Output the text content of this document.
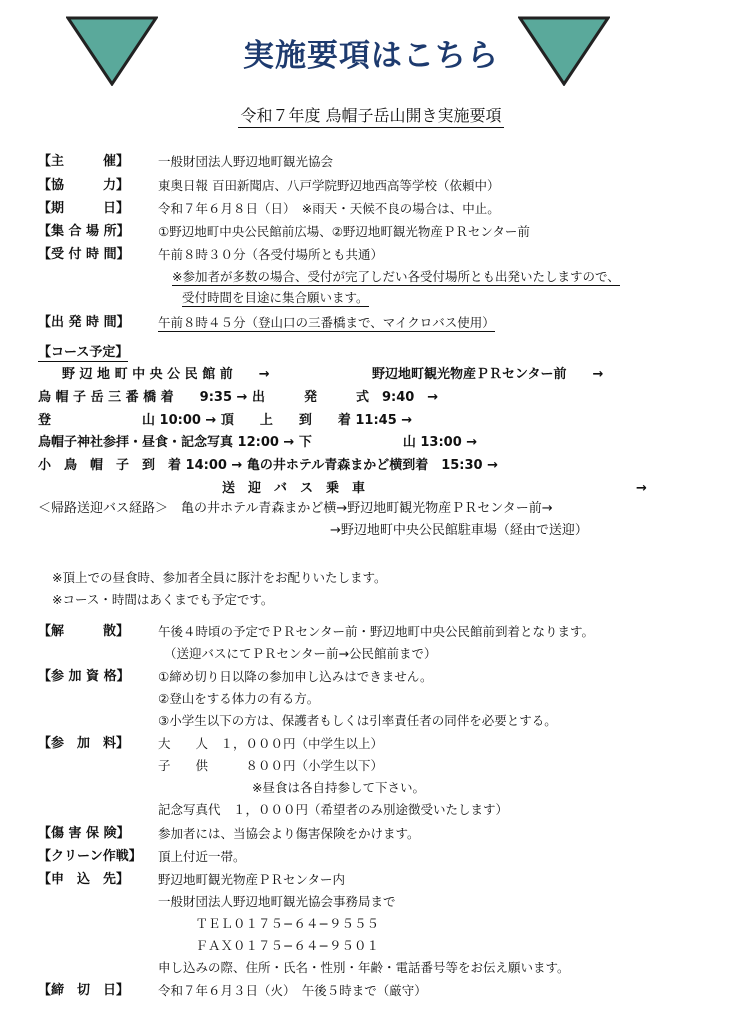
実施要項はこちら
令和７年度 烏帽子岳山開き実施要項
【主　　　催】 一般財団法人野辺地町観光協会
【協　　　力】 東奥日報 百田新聞店、八戸学院野辺地西高等学校（依頼中）
【期　　　日】 令和７年６月８日（日）　※雨天・天候不良の場合は、中止。
【集 合 場 所】 ①野辺地町中央公民館前広場、②野辺地町観光物産ＰＲセンター前
【受 付 時 間】 午前８時３０分（各受付場所とも共通）
※参加者が多数の場合、受付が完了しだい各受付場所とも出発いたしますので、
受付時間を目途に集合願います。
【出 発 時 間】 午前８時４５分（登山口の三番橋まで、マイクロバス使用）
【コース予定】
野 辺 地 町 中 央 公 民 館 前　　→	野辺地町観光物産ＰＲセンター前　　→
烏 帽 子 岳 三 番 橋 着　　9:35 → 出　　　発　　　式　9:40　→
登　　　　　　　山 10:00 → 頂　　上　　到　　着 11:45 →
烏帽子神社参拝・昼食・記念写真 12:00 → 下　　　　　　　山 13:00 →
小　鳥　帽　子　到　着 14:00 → 亀の井ホテル青森まかど横到着　15:30 →
送　迎　バ　ス　乗　車	→
＜帰路送迎バス経路＞　亀の井ホテル青森まかど横→野辺地町観光物産ＰＲセンター前→
→野辺地町中央公民館駐車場（経由で送迎）
※頂上での昼食時、参加者全員に豚汁をお配りいたします。
※コース・時間はあくまでも予定です。
【解　　　散】 午後４時頃の予定でＰＲセンター前・野辺地町中央公民館前到着となります。
（送迎バスにてＰＲセンター前→公民館前まで）
【参 加 資 格】 ①締め切り日以降の参加申し込みはできません。
②登山をする体力の有る方。
③小学生以下の方は、保護者もしくは引率責任者の同伴を必要とする。
【参　加　料】 大　　人　１，０００円（中学生以上）
子　　供　　　８００円（小学生以下）
※昼食は各自持参して下さい。
記念写真代　１，０００円（希望者のみ別途徴受いたします）
【傷 害 保 険】 参加者には、当協会より傷害保険をかけます。
【クリーン作戦】 頂上付近一帯。
【申　込　先】 野辺地町観光物産ＰＲセンター内
一般財団法人野辺地町観光協会事務局まで
　　　ＴＥＬ０１７５−６４−９５５５
　　　ＦＡＸ０１７５−６４−９５０１
申し込みの際、住所・氏名・性別・年齢・電話番号等をお伝え願います。
【締　切　日】 令和７年６月３日（火）　午後５時まで（厳守）
